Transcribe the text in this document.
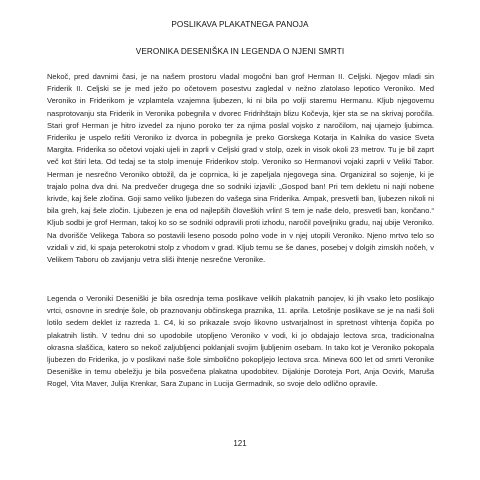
POSLIKAVA PLAKATNEGA PANOJA
VERONIKA DESENIŠKA IN LEGENDA O NJENI SMRTI
Nekoč, pred davnimi časi, je na našem prostoru vladal mogočni ban grof Herman II. Celjski. Njegov mladi sin Friderik II. Celjski se je med ježo po očetovem posestvu zagledal v nežno zlatolaso lepotico Veroniko. Med Veroniko in Friderikom je vzplamtela vzajemna ljubezen, ki ni bila po volji staremu Hermanu. Kljub njegovemu nasprotovanju sta Friderik in Veronika pobegnila v dvorec Fridrihštajn blizu Kočevja, kjer sta se na skrivaj poročila. Stari grof Herman je hitro izvedel za njuno poroko ter za njima poslal vojsko z naročilom, naj ujameјo ljubimca. Frideriku je uspelo rešiti Veroniko iz dvorca in pobegnila je preko Gorskega Kotarja in Kalnika do vasice Sveta Margita. Friderika so očetovi vojaki ujeli in zaprli v Celjski grad v stolp, ozek in visok okoli 23 metrov. Tu je bil zaprt več kot štiri leta. Od tedaj se ta stolp imenuje Friderikov stolp. Veroniko so Hermanovi vojaki zaprli v Veliki Tabor. Herman je nesrečno Veroniko obtožil, da je coprnica, ki je zapeljala njegovega sina. Organiziral so sojenje, ki je trajalo polna dva dni. Na predvečer drugega dne so sodniki izjavili: „Gospod ban! Pri tem dekletu ni najti nobene krivde, kaj šele zločina. Goji samo veliko ljubezen do vašega sina Friderika. Ampak, presvetli ban, ljubezen nikoli ni bila greh, kaj šele zločin. Ljubezen je ena od najlepših človeških vrlin! S tem je naše delo, presvetli ban, končano.“ Kljub sodbi je grof Herman, takoj ko so se sodniki odpravili proti izhodu, naročil poveljniku gradu, naj ubije Veroniko. Na dvorišče Velikega Tabora so postavili leseno posodo polno vode in v njej utopili Veroniko. Njeno mrtvo telo so vzidali v zid, ki spaja peterokotni stolp z vhodom v grad. Kljub temu se še danes, posebej v dolgih zimskih nočeh, v Velikem Taboru ob zavijanju vetra sliši ihtenje nesrečne Veronike.
Legenda o Veroniki Deseniški je bila osrednja tema poslikave velikih plakatnih panojev, ki jih vsako leto poslikajo vrtci, osnovne in srednje šole, ob praznovanju občinskega praznika, 11. aprila. Letošnje poslikave se je na naši šoli lotilo sedem deklet iz razreda 1. C4, ki so prikazale svojo likovno ustvarjalnost in spretnost vihtenja čopiča po plakatnih listih. V tednu dni so upodobile utopljeno Veroniko v vodi, ki jo obdajajo lectova srca, tradicionalna okrasna slaščica, katero so nekoč zaljubljenci poklanjali svojim ljubljenim osebam. In tako kot je Veroniko pokopala ljubezen do Friderika, jo v poslikavi naše šole simbolično pokopljejo lectova srca. Mineva 600 let od smrti Veronike Deseniške in temu obeležju je bila posvečena plakatna upodobitev. Dijakinje Doroteja Port, Anja Ocvirk, Maruša Rogel, Vita Maver, Julija Krenkar, Sara Zupanc in Lucija Germadnik, so svoje delo odlično opravile.
121
